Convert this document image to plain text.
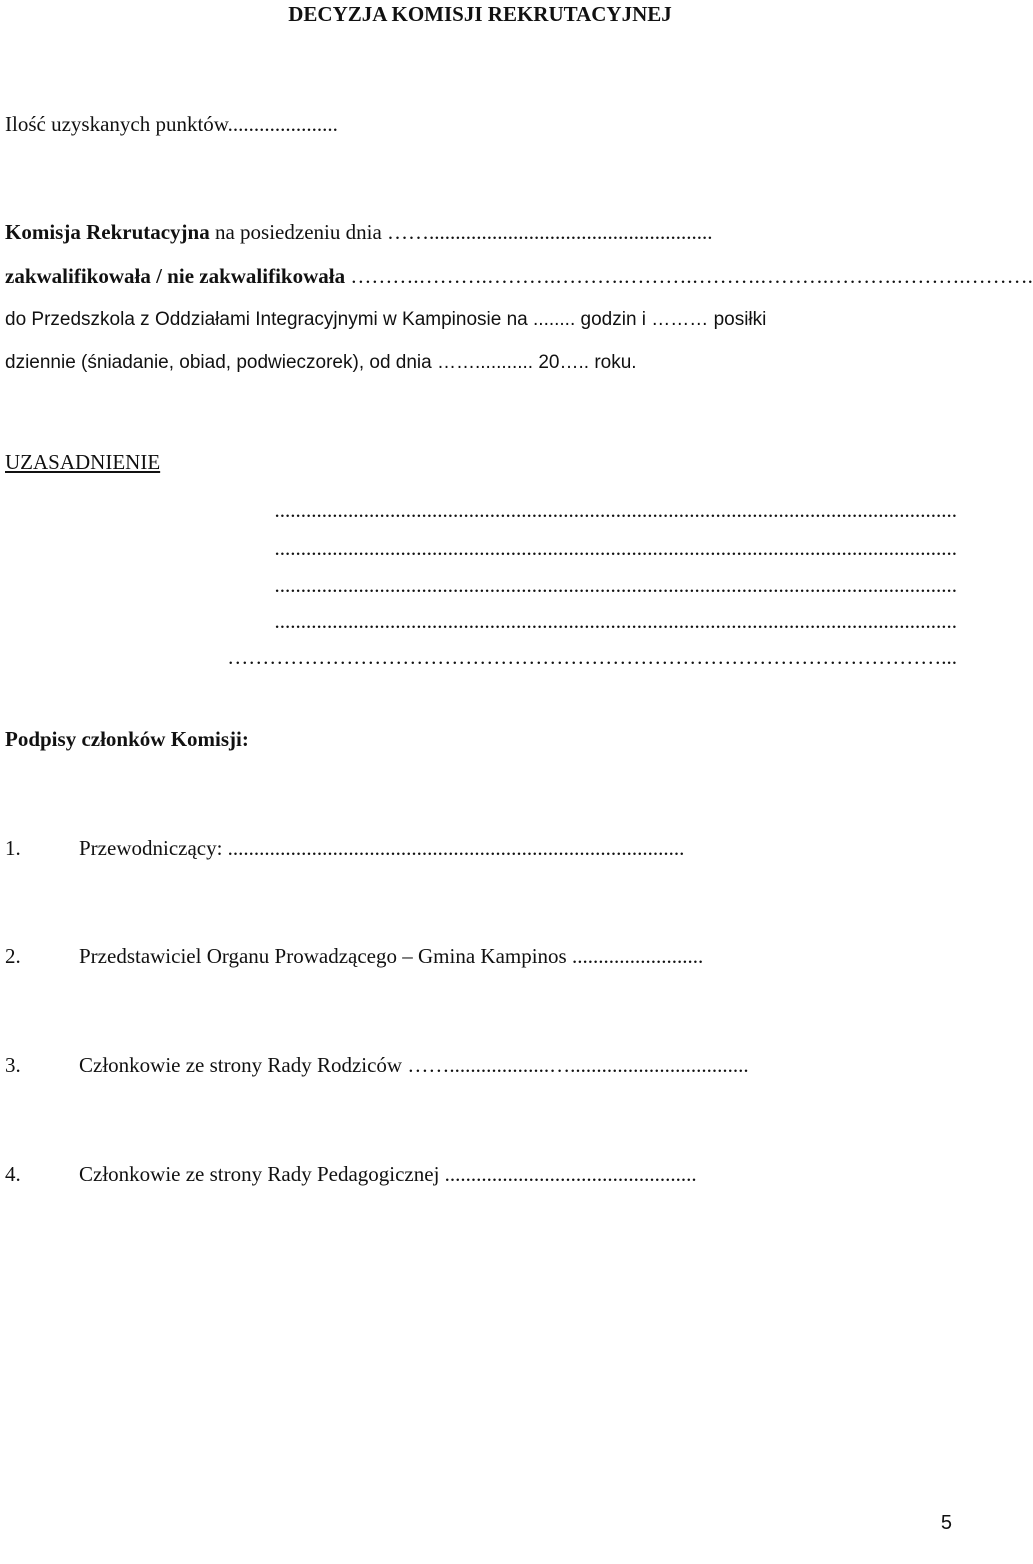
DECYZJA KOMISJI REKRUTACYJNEJ
Ilość uzyskanych punktów.....................
Komisja Rekrutacyjna na posiedzeniu dnia ……......................................................
zakwalifikowała / nie zakwalifikowała ……….……….……….……….……….……….……….……….……….……….
do Przedszkola z Oddziałami Integracyjnymi w Kampinosie na ........ godzin i ……… posiłki
dziennie (śniadanie, obiad, podwieczorek), od dnia ……........... 20….. roku.
UZASADNIENIE
..................................................................................................................................
..................................................................................................................................
..................................................................................................................................
..................................................................................................................................
…………………………………………………………………………………………...
Podpisy członków Komisji:
1.	Przewodniczący: .......................................................................................
2.	Przedstawiciel Organu Prowadzącego – Gmina Kampinos .........................
3.	Członkowie ze strony Rady Rodziców ……...................…..................................
4.	Członkowie ze strony Rady Pedagogicznej ................................................
5
